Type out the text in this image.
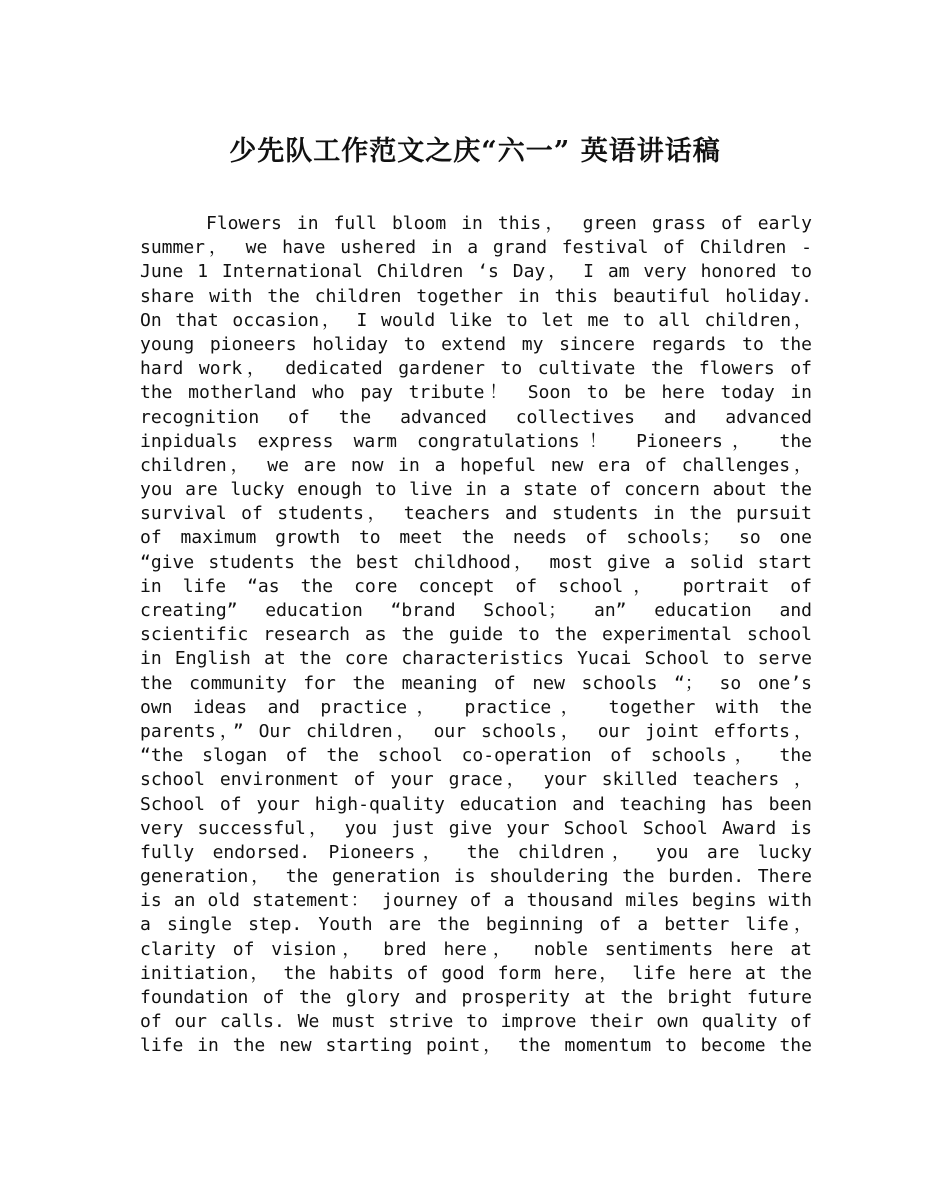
少先队工作范文之庆“六一” 英语讲话稿
Flowers in full bloom in this， green grass of early
summer， we have ushered in a grand festival of Children -
June 1 International Children ‘s Day， I am very honored to
share with the children together in this beautiful holiday.
On that occasion， I would like to let me to all children，
young pioneers holiday to extend my sincere regards to the
hard work， dedicated gardener to cultivate the flowers of
the motherland who pay tribute！ Soon to be here today in
recognition of the advanced collectives and advanced
inpiduals express warm congratulations！ Pioneers， the
children， we are now in a hopeful new era of challenges，
you are lucky enough to live in a state of concern about the
survival of students， teachers and students in the pursuit
of maximum growth to meet the needs of schools； so one
“give students the best childhood， most give a solid start
in life “as the core concept of school， portrait of
creating” education “brand School； an” education and
scientific research as the guide to the experimental school
in English at the core characteristics Yucai School to serve
the community for the meaning of new schools “； so one’s
own ideas and practice， practice， together with the
parents，” Our children， our schools， our joint efforts，
“the slogan of the school co-operation of schools， the
school environment of your grace， your skilled teachers ，
School of your high-quality education and teaching has been
very successful， you just give your School School Award is
fully endorsed. Pioneers， the children， you are lucky
generation， the generation is shouldering the burden. There
is an old statement： journey of a thousand miles begins with
a single step. Youth are the beginning of a better life，
clarity of vision， bred here， noble sentiments here at
initiation， the habits of good form here， life here at the
foundation of the glory and prosperity at the bright future
of our calls. We must strive to improve their own quality of
life in the new starting point， the momentum to become the
